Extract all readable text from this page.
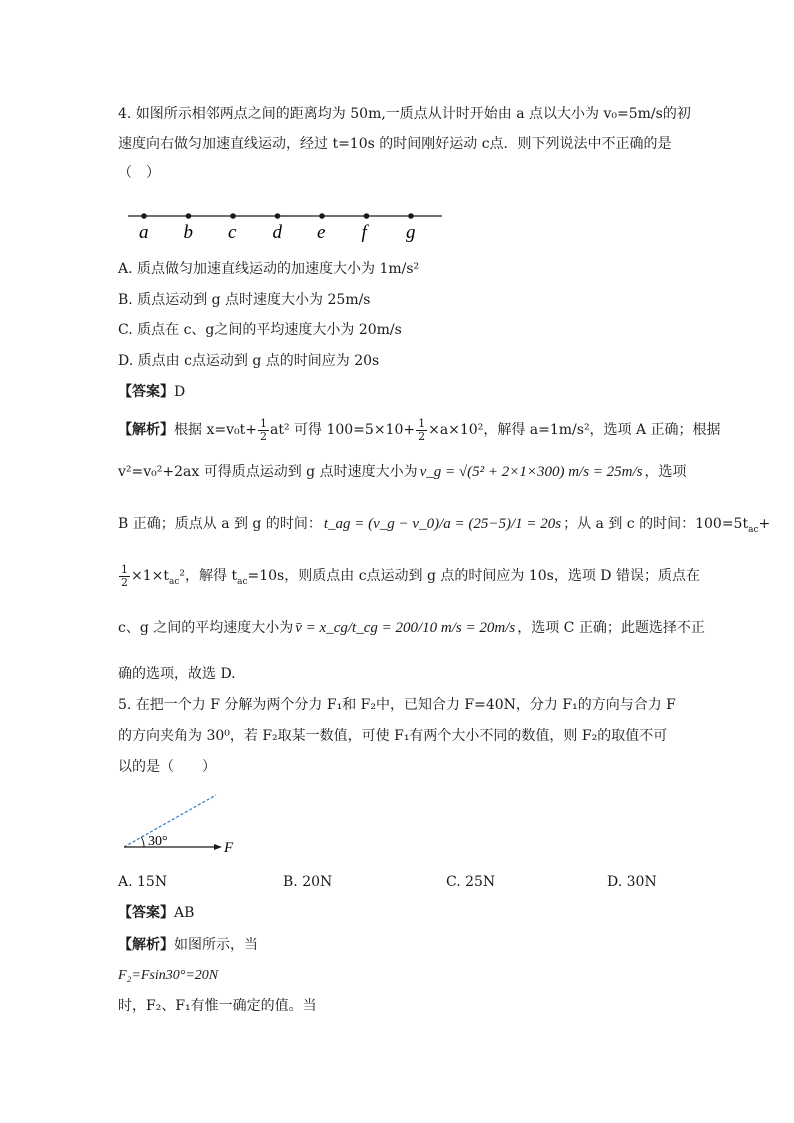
4. 如图所示相邻两点之间的距离均为 50m,一质点从计时开始由 a 点以大小为 v₀=5m/s的初
速度向右做匀加速直线运动，经过 t=10s 的时间刚好运动 c点．则下列说法中不正确的是
（　）
a b c d e f g
A. 质点做匀加速直线运动的加速度大小为 1m/s²
B. 质点运动到 g 点时速度大小为 25m/s
C. 质点在 c、g之间的平均速度大小为 20m/s
D. 质点由 c点运动到 g 点的时间应为 20s
【答案】D
【解析】根据 $x=v_0t+ \frac{1}{2} at^2$ 可得 $100=5\times 10+ \frac{1}{2} \times a\times 10^2$，解得 a=1m/s²，选项 A 正确；根据
v²=v₀²+2ax 可得质点运动到 g 点时速度大小为 v_g = √(5² + 2×1×300) m/s = 25m/s ，选项
B 正确；质点从 a 到 g 的时间： t_ag = (v_g − v_0)/a = (25−5)/1 = 20s ；从 a 到 c 的时间：$100=5t_{ac}+$
$\frac{1}{2} \times 1\times t_{ac}^2$，解得 $t_{ac}=10s$，则质点由 c点运动到 g 点的时间应为 10s，选项 D 错误；质点在
c、g 之间的平均速度大小为 v̄ = x_cg/t_cg = 200/10 m/s = 20m/s ，选项 C 正确；此题选择不正
确的选项，故选 D.
5. 在把一个力 F 分解为两个分力 F₁和 F₂中，已知合力 F=40N，分力 F₁的方向与合力 F
的方向夹角为 30⁰，若 F₂取某一数值，可使 F₁有两个大小不同的数值，则 F₂的取值不可
以的是（　　）
30°	F
A. 15N	B. 20N	C. 25N	D. 30N
【答案】AB
【解析】如图所示，当
F₂=Fsin30°=20N
时，F₂、F₁有惟一确定的值。当
